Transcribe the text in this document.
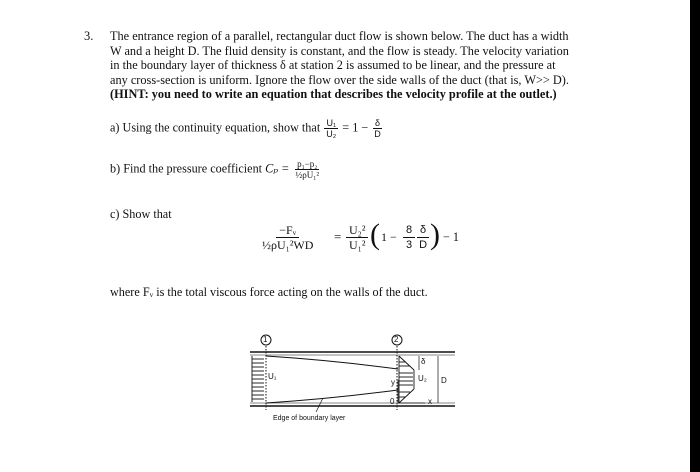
3. The entrance region of a parallel, rectangular duct flow is shown below. The duct has a width
W and a height D. The fluid density is constant, and the flow is steady. The velocity variation
in the boundary layer of thickness δ at station 2 is assumed to be linear, and the pressure at
any cross-section is uniform. Ignore the flow over the side walls of the duct (that is, W>> D).
(HINT: you need to write an equation that describes the velocity profile at the outlet.)
a) Using the continuity equation, show that $\frac{\text{U₁}}{\text{U₂}} = 1 - \frac{\delta}{D}$
b) Find the pressure coefficient $C_p = \frac{\text{p₁−p₂}}{\text{½ρU₁²}}$
c) Show that
$\frac{\text{−Fᵥ}}{\text{½ρU₁²WD}} = \frac{\text{U₂²}}{\text{U₁²}}$ ( $1 - \frac{8}{3} \frac{\delta}{D}$ ) − 1
where Fᵥ is the total viscous force acting on the walls of the duct.
1	2
U₁	U₂
δ
D
y
x
0
Edge of boundary layer
